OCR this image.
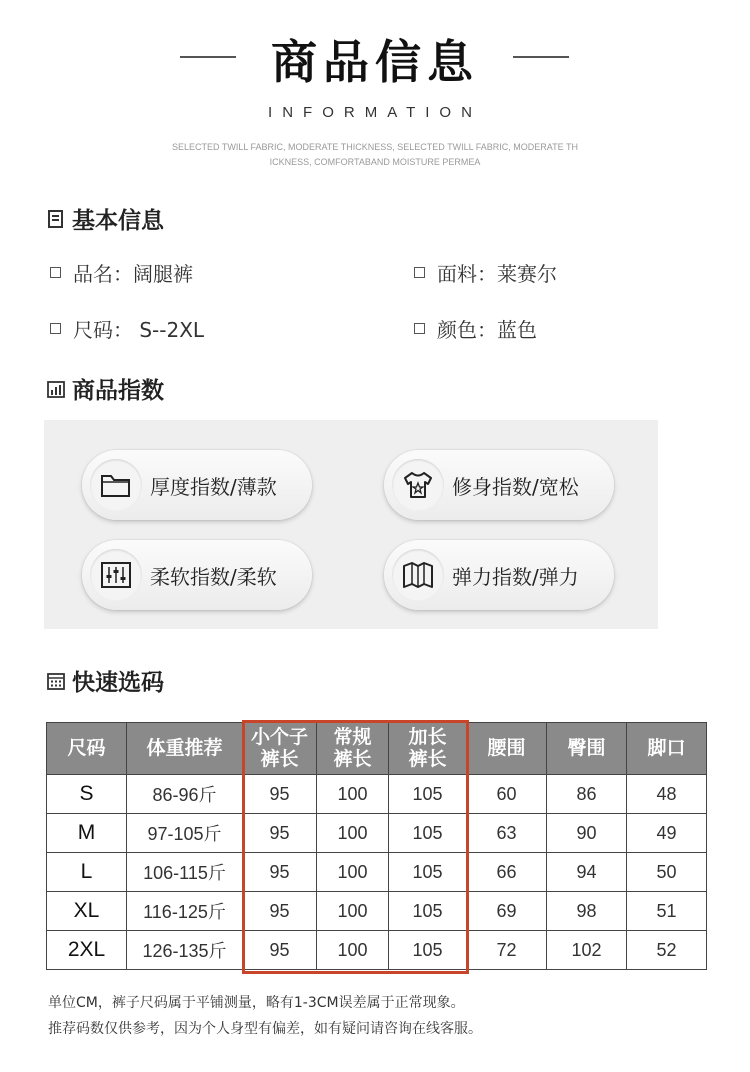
商品信息
INFORMATION
SELECTED TWILL FABRIC, MODERATE THICKNESS, SELECTED TWILL FABRIC, MODERATE TH
ICKNESS, COMFORTABAND MOISTURE PERMEA
基本信息
品名：阔腿裤	面料：莱赛尔
尺码： S--2XL	颜色：蓝色
商品指数
厚度指数/薄款	修身指数/宽松
柔软指数/柔软	弹力指数/弹力
快速选码
尺码	体重推荐	小个子裤长	常规裤长	加长裤长	腰围	臀围	脚口
S	86-96斤	95	100	105	60	86	48
M	97-105斤	95	100	105	63	90	49
L	106-115斤	95	100	105	66	94	50
XL	116-125斤	95	100	105	69	98	51
2XL	126-135斤	95	100	105	72	102	52
单位CM，裤子尺码属于平铺测量，略有1-3CM误差属于正常现象。
推荐码数仅供参考，因为个人身型有偏差，如有疑问请咨询在线客服。
